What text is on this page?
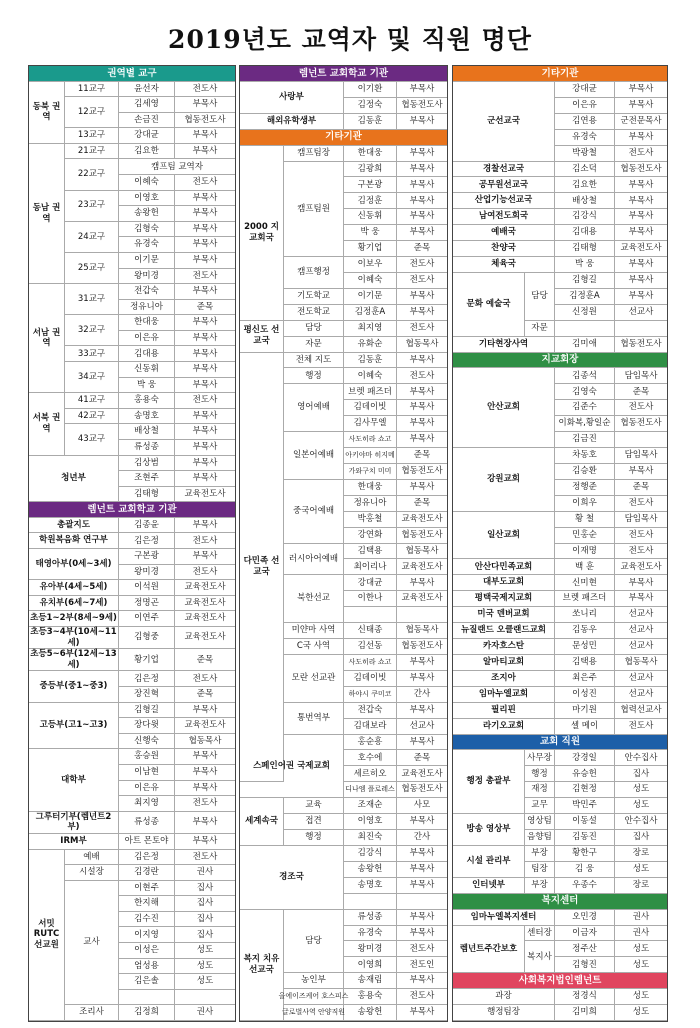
2019년도 교역자 및 직원 명단
권역별 교구
동북 권역
11교구	윤선자	전도사
12교구
김세영	부목사
손금진	협동전도사
13교구	강대균	부목사
동남 권역
21교구	김요한	부목사
22교구
캠프팀 교역자
이혜숙	전도사
23교구
이영호	부목사
송왕헌	부목사
24교구
김형숙	부목사
유경숙	부목사
25교구
이기문	부목사
왕미경	전도사
서남 권역
31교구
전갑숙	부목사
정유니아	준목
32교구
한대웅	부목사
이은유	부목사
33교구	김대용	부목사
34교구
신동휘	부목사
박 웅	부목사
서북 권역
41교구	홍용숙	전도사
42교구	송명호	부목사
43교구
배상철	부목사
류성종	부목사
청년부
김상범	부목사
조현주	부목사
김태형	교육전도사
렘넌트 교회학교 기관
총괄지도	김종윤	부목사
학원복음화 연구부	김은정	전도사
태영아부(0세~3세)
구본광	부목사
왕미경	전도사
유아부(4세~5세)	이석원	교육전도사
유치부(6세~7세)	정명곤	교육전도사
초등1~2부(8세~9세)	이연주	교육전도사
초등3~4부(10세~11세)
김형중	교육전도사
초등5~6부(12세~13세)
황기업	준목
중등부(중1~중3)
김은정	전도사
장진혁	준목
고등부(고1~고3)
김형길	부목사
장다윗	교육전도사
신행숙	협동목사
대학부
홍승원	부목사
이남현	부목사
이은유	부목사
최지영	전도사
그루터기부(렘넌트2부)
류성종	부목사
IRM부	아트 몬토야	부목사
서밋 RUTC 선교원
예배	김은정	전도사
시설장	김경란	권사
교사
이현주	집사
한지해	집사
김수진	집사
이지영	집사
이성은	성도
엄성용	성도
김은솔	성도
조리사	김정희	권사
렘넌트 교회학교 기관
사랑부
이기환	부목사
김정숙	협동전도사
해외유학생부	김동훈	부목사
기타기관
2000 지교회국
캠프팀장	한대웅	부목사
캠프팀원
김광희	부목사
구본광	부목사
김정훈	부목사
신동휘	부목사
박 웅	부목사
황기업	준목
캠프행정
이보우	전도사
이혜숙	전도사
기도학교	이기문	부목사
전도학교	김정훈A	부목사
평신도 선교국
담당	최지영	전도사
자문	유화순	협동목사
다민족 선교국
전체 지도	김동훈	부목사
행정	이혜숙	전도사
영어예배
브렛 패즈더	부목사
김데이빗	부목사
김사무엘	부목사
일본어예배
사도히라 쇼고	부목사
아키야마 히지메	준목
가와구치 미미	협동전도사
중국어예배
한대웅	부목사
정유니아	준목
박홍철	교육전도사
강연화	협동전도사
러시아어예배
김택용	협동목사
최이리나	교육전도사
북한선교
강대균	부목사
이한나	교육전도사
미얀마 사역	신태종	협동목사
C국 사역	김선동	협동전도사
모란 선교관
사도히라 쇼고	부목사
김데이빗	부목사
하야시 쿠미코	간사
통번역부
전갑숙	부목사
김대보라	선교사
스페인어권 국제교회
홍순흥	부목사
호수에	준목
세르히오	교육전도사
디나엠 플로레스 협동전도사
세계속국
교육	조재순	사모
접견	이영호	부목사
행정	최진숙	간사
경조국
김강식	부목사
송왕헌	부목사
송명호	부목사
복지 치유 선교국
담당
류성종	부목사
유경숙	부목사
왕미경	전도사
이영희	전도인
농인부	송재림	부목사
올에이즈케어 호스피스	홍용숙	전도사
글로벌사역 안양직원	송왕헌	부목사
기타기관
군선교국
강대균	부목사
이은유	부목사
김연용	군전문목사
유경숙	부목사
박광철	전도사
경찰선교국	김소덕	협동전도사
공무원선교국	김요한	부목사
산업기능선교국	배상철	부목사
남여전도회국	김강식	부목사
예배국	김대용	부목사
찬양국	김태형	교육전도사
체육국	박 웅	부목사
문화 예술국
담당
김형길	부목사
김정훈A	부목사
신정원	선교사
자문
기타현장사역	김미애	협동전도사
지교회장
안산교회
김종석	담임목사
김영숙	준목
김준수	전도사
이화복,황일순	협동전도사
김금진
강원교회
차동호	담임목사
김승환	부목사
정행준	준목
이희우	전도사
일산교회
황 철	담임목사
민홍순	전도사
이재명	전도사
안산다민족교회	백 훈	교육전도사
대부도교회	신미현	부목사
평택국제지교회	브렛 패즈더	부목사
미국 덴버교회	쏘니리	선교사
뉴질랜드 오클랜드교회	김동우	선교사
카자흐스탄	문성민	선교사
알마티교회	김택용	협동목사
조지아	최은주	선교사
임마누엘교회	이성진	선교사
필리핀	마기원	협력선교사
라기오교회	셀 메이	전도사
교회 직원
행정 총괄부
사무장	강경일	안수집사
행정	유승헌	집사
재정	김현정	성도
교무	박민주	성도
방송 영상부
영상팀	이동설	안수집사
음향팀	김동진	집사
시설 관리부
부장	황한구	장로
팀장	김 웅	성도
인터넷부	부장	우종수	장로
복지센터
임마누엘복지센터	오민경	권사
렘넌트주간보호
센터장	이금자	권사
복지사
정주산	성도
김형진	성도
사회복지법인렘넌트
과장	정경식	성도
행정팀장	김미희	성도
